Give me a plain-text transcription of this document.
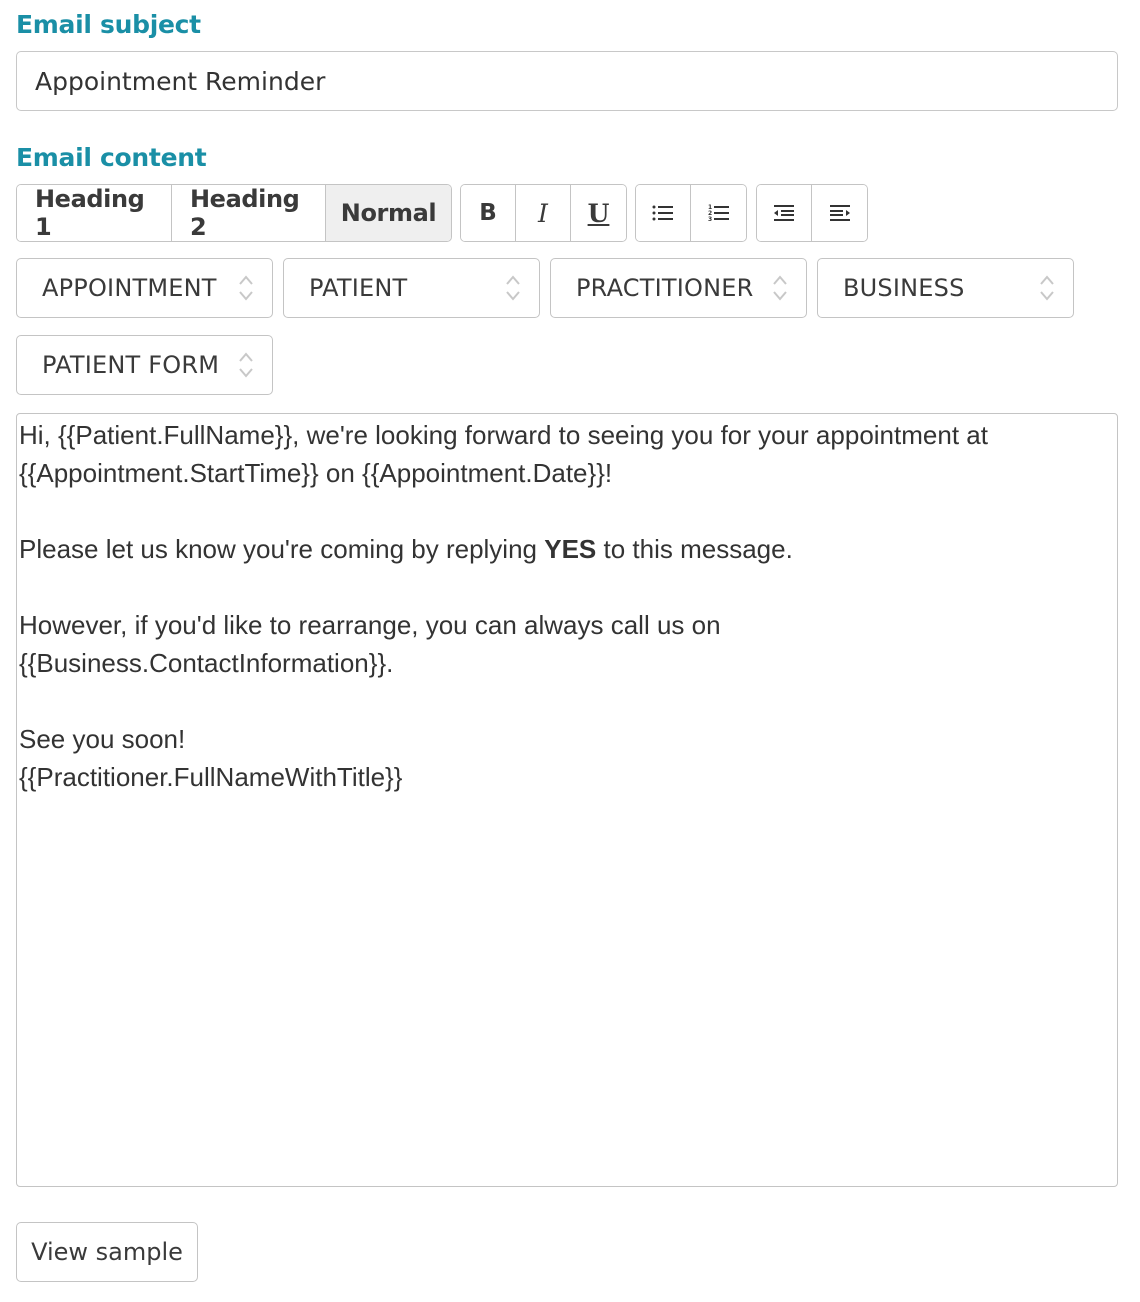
Email subject
Appointment Reminder
Email content
Heading 1
Heading 2	Normal	B I U	1
2
3
APPOINTMENT	PATIENT	PRACTITIONER	BUSINESS
PATIENT FORM

Hi, {{Patient.FullName}}, we're looking forward to seeing you for your appointment at

{{Appointment.StartTime}} on {{Appointment.Date}}!

Please let us know you're coming by replying YES to this message.

However, if you'd like to rearrange, you can always call us on

{{Business.ContactInformation}}.

See you soon!

{{Practitioner.FullNameWithTitle}}

View sample
